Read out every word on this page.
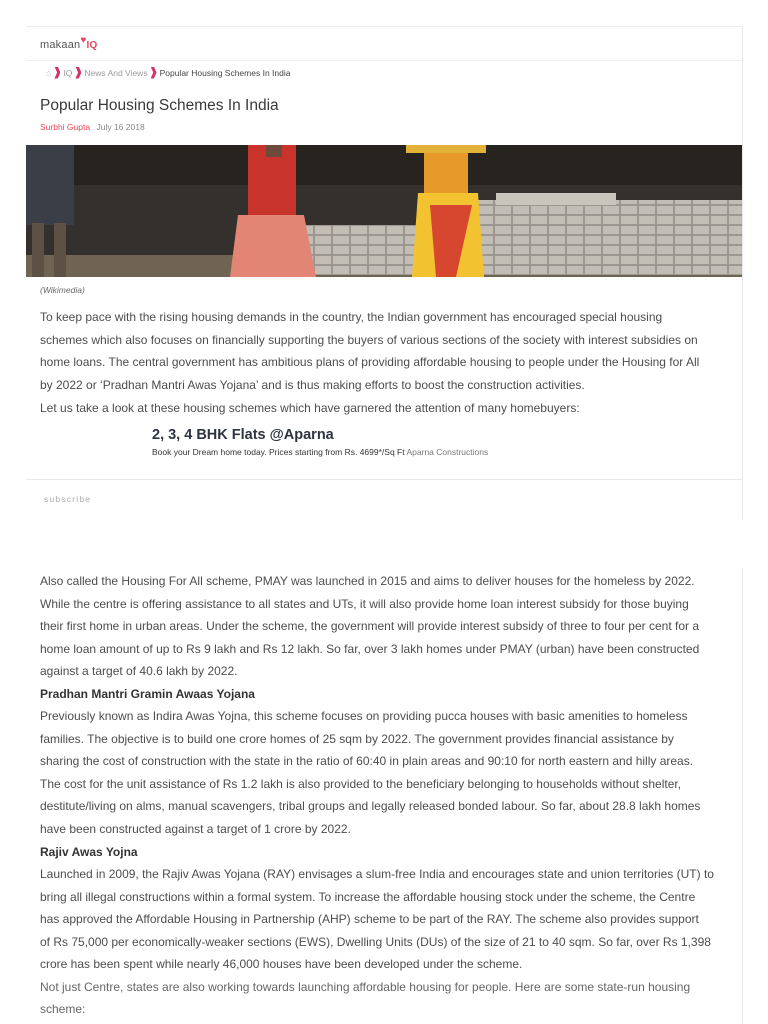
makaan♥IQ
⌂ IQ News And Views Popular Housing Schemes In India
Popular Housing Schemes In India
Surbhi Gupta July 16 2018
(Wikimedia)

To keep pace with the rising housing demands in the country, the Indian government has encouraged special housing
schemes which also focuses on financially supporting the buyers of various sections of the society with interest subsidies on
home loans. The central government has ambitious plans of providing affordable housing to people under the Housing for All
by 2022 or ‘Pradhan Mantri Awas Yojana’ and is thus making efforts to boost the construction activities.
Let us take a look at these housing schemes which have garnered the attention of many homebuyers:

2, 3, 4 BHK Flats @Aparna
Book your Dream home today. Prices starting from Rs. 4699*/Sq Ft Aparna Constructions
subscribe

Also called the Housing For All scheme, PMAY was launched in 2015 and aims to deliver houses for the homeless by 2022.
While the centre is offering assistance to all states and UTs, it will also provide home loan interest subsidy for those buying
their first home in urban areas. Under the scheme, the government will provide interest subsidy of three to four per cent for a
home loan amount of up to Rs 9 lakh and Rs 12 lakh. So far, over 3 lakh homes under PMAY (urban) have been constructed
against a target of 40.6 lakh by 2022.
Pradhan Mantri Gramin Awaas Yojana
Previously known as Indira Awas Yojna, this scheme focuses on providing pucca houses with basic amenities to homeless
families. The objective is to build one crore homes of 25 sqm by 2022. The government provides financial assistance by
sharing the cost of construction with the state in the ratio of 60:40 in plain areas and 90:10 for north eastern and hilly areas.
The cost for the unit assistance of Rs 1.2 lakh is also provided to the beneficiary belonging to households without shelter,
destitute/living on alms, manual scavengers, tribal groups and legally released bonded labour. So far, about 28.8 lakh homes
have been constructed against a target of 1 crore by 2022.
Rajiv Awas Yojna
Launched in 2009, the Rajiv Awas Yojana (RAY) envisages a slum-free India and encourages state and union territories (UT) to
bring all illegal constructions within a formal system. To increase the affordable housing stock under the scheme, the Centre
has approved the Affordable Housing in Partnership (AHP) scheme to be part of the RAY. The scheme also provides support
of Rs 75,000 per economically-weaker sections (EWS), Dwelling Units (DUs) of the size of 21 to 40 sqm. So far, over Rs 1,398
crore has been spent while nearly 46,000 houses have been developed under the scheme.
Not just Centre, states are also working towards launching affordable housing for people. Here are some state-run housing
scheme:
